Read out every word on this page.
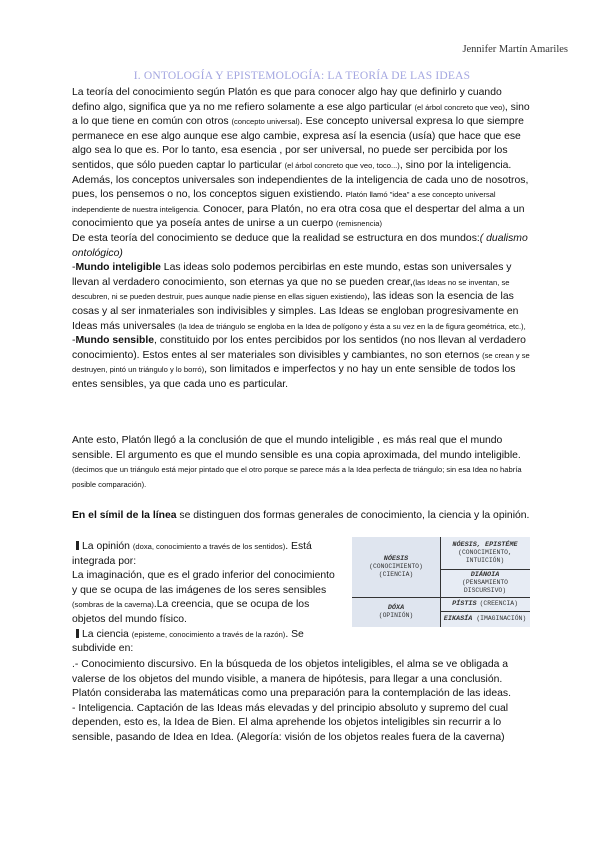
Jennifer Martín Amariles
I. ONTOLOGÍA Y EPISTEMOLOGÍA: LA TEORÍA DE LAS IDEAS

La teoría del conocimiento según Platón es que para conocer algo hay que definirlo y cuando defino algo, significa que ya no me refiero solamente a ese algo particular (el árbol concreto que veo), sino a lo que tiene en común con otros (concepto universal). Ese concepto universal expresa lo que siempre permanece en ese algo aunque ese algo cambie, expresa así la esencia (usía) que hace que ese algo sea lo que es. Por lo tanto, esa esencia , por ser universal, no puede ser percibida por los sentidos, que sólo pueden captar lo particular (el árbol concreto que veo, toco...), sino por la inteligencia. Además, los conceptos universales son independientes de la inteligencia de cada uno de nosotros, pues, los pensemos o no, los conceptos siguen existiendo. Platón llamó "idea" a ese concepto universal independiente de nuestra inteligencia. Conocer, para Platón, no era otra cosa que el despertar del alma a un conocimiento que ya poseía antes de unirse a un cuerpo (remisnencia)

De esta teoría del conocimiento se deduce que la realidad se estructura en dos mundos:( dualismo ontológico)

-Mundo inteligible Las ideas solo podemos percibirlas en este mundo, estas son universales y llevan al verdadero conocimiento, son eternas ya que no se pueden crear,(las Ideas no se inventan, se descubren, ni se pueden destruir, pues aunque nadie piense en ellas siguen existiendo), las ideas son la esencia de las cosas y al ser inmateriales son indivisibles y simples. Las Ideas se engloban progresivamente en Ideas más universales (la Idea de triángulo se engloba en la Idea de polígono y ésta a su vez en la de figura geométrica, etc.),

-Mundo sensible, constituido por los entes percibidos por los sentidos (no nos llevan al verdadero conocimiento). Estos entes al ser materiales son divisibles y cambiantes, no son eternos (se crean y se destruyen, pintó un triángulo y lo borró), son limitados e imperfectos y no hay un ente sensible de todos los entes sensibles, ya que cada uno es particular.

Ante esto, Platón llegó a la conclusión de que el mundo inteligible , es más real que el mundo sensible. El argumento es que el mundo sensible es una copia aproximada, del mundo inteligible.(decimos que un triángulo está mejor pintado que el otro porque se parece más a la Idea perfecta de triángulo; sin esa Idea no habría posible comparación).
En el símil de la línea se distinguen dos formas generales de conocimiento, la ciencia y la opinión.

La opinión (doxa, conocimiento a través de los sentidos). Está integrada por:

La imaginación, que es el grado inferior del conocimiento y que se ocupa de las imágenes de los seres sensibles (sombras de la caverna).La creencia, que se ocupa de los objetos del mundo físico.

La ciencia (episteme, conocimiento a través de la razón). Se subdivide en:

.- Conocimiento discursivo. En la búsqueda de los objetos inteligibles, el alma se ve obligada a valerse de los objetos del mundo visible, a manera de hipótesis, para llegar a una conclusión. Platón consideraba las matemáticas como una preparación para la contemplación de las ideas.

- Inteligencia. Captación de las Ideas más elevadas y del principio absoluto y supremo del cual dependen, esto es, la Idea de Bien. El alma aprehende los objetos inteligibles sin recurrir a lo sensible, pasando de Idea en Idea. (Alegoría: visión de los objetos reales fuera de la caverna)

NÓESIS
(CONOCIMIENTO)
(CIENCIA)
NÓESIS, EPISTÉME
(CONOCIMIENTO, INTUICIÓN)
DIÁNOIA
(PENSAMIENTO DISCURSIVO)
DÓXA
(OPINIÓN)
PÍSTIS (CREENCIA)
EIKASÍA (IMAGINACIÓN)
